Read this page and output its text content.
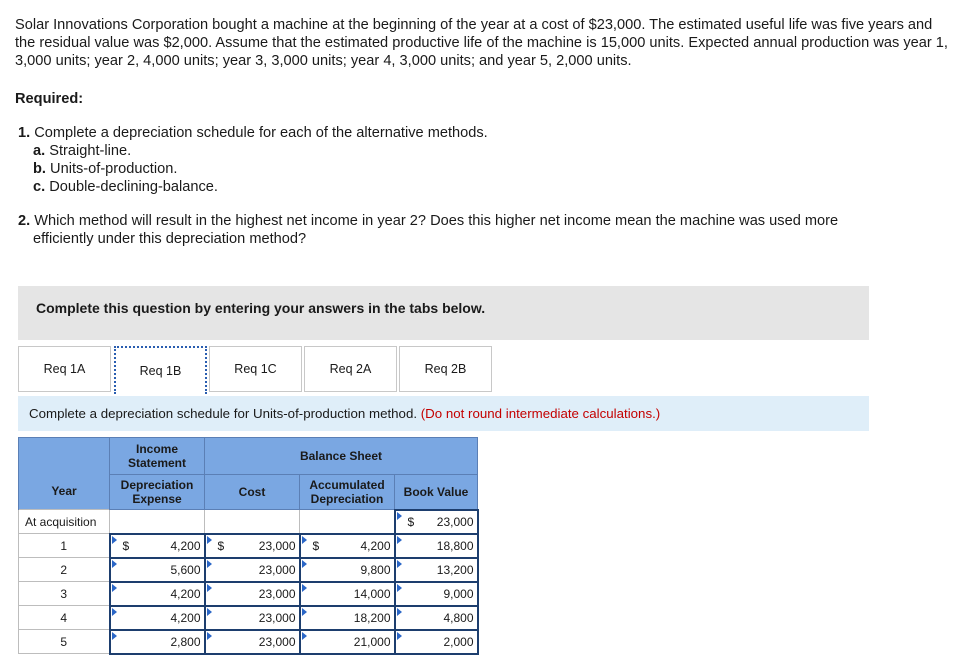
Solar Innovations Corporation bought a machine at the beginning of the year at a cost of $23,000. The estimated useful life was five years and the residual value was $2,000. Assume that the estimated productive life of the machine is 15,000 units. Expected annual production was year 1, 3,000 units; year 2, 4,000 units; year 3, 3,000 units; year 4, 3,000 units; and year 5, 2,000 units.

Required:

1. Complete a depreciation schedule for each of the alternative methods.
a. Straight-line.
b. Units-of-production.
c. Double-declining-balance.
2. Which method will result in the highest net income in year 2? Does this higher net income mean the machine was used more
efficiently under this depreciation method?
Complete this question by entering your answers in the tabs below.
Req 1A	Req 1B	Req 1C	Req 2A	Req 2B
Complete a depreciation schedule for Units-of-production method. (Do not round intermediate calculations.)
	Income Statement	Balance Sheet		
	Depreciation Expense	Cost	Accumulated Depreciation	Book Value
At acquisition				$ 23,000

1	$ 4,200	$ 23,000	$ 4,200	18,800

2	5,600	23,000	9,800	13,200

3	4,200	23,000	14,000	9,000

4	4,200	23,000	18,200	4,800

5	2,800	23,000	21,000	2,000
Year
